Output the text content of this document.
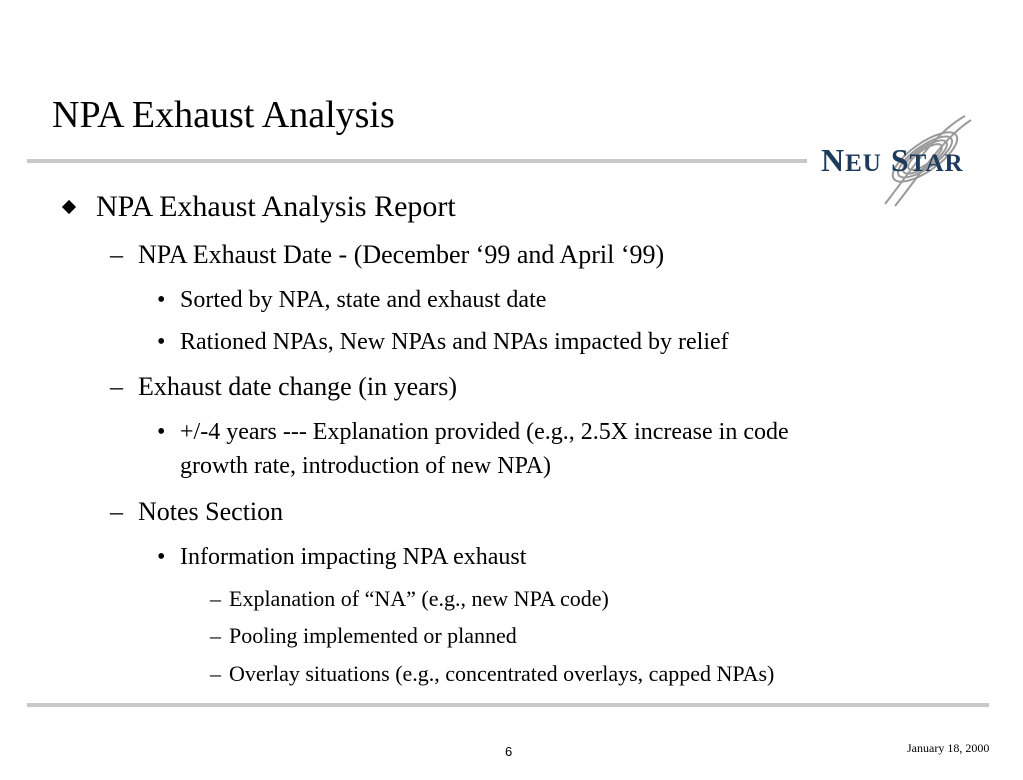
NPA Exhaust Analysis
NEU STAR
NPA Exhaust Analysis Report
– NPA Exhaust Date - (December ‘99 and April ‘99)
• Sorted by NPA, state and exhaust date
• Rationed NPAs, New NPAs and NPAs impacted by relief
– Exhaust date change (in years)
• +/-4 years --- Explanation provided (e.g., 2.5X increase in code
growth rate, introduction of new NPA)
– Notes Section
• Information impacting NPA exhaust
– Explanation of “NA” (e.g., new NPA code)
– Pooling implemented or planned
– Overlay situations (e.g., concentrated overlays, capped NPAs)
6	January 18, 2000
